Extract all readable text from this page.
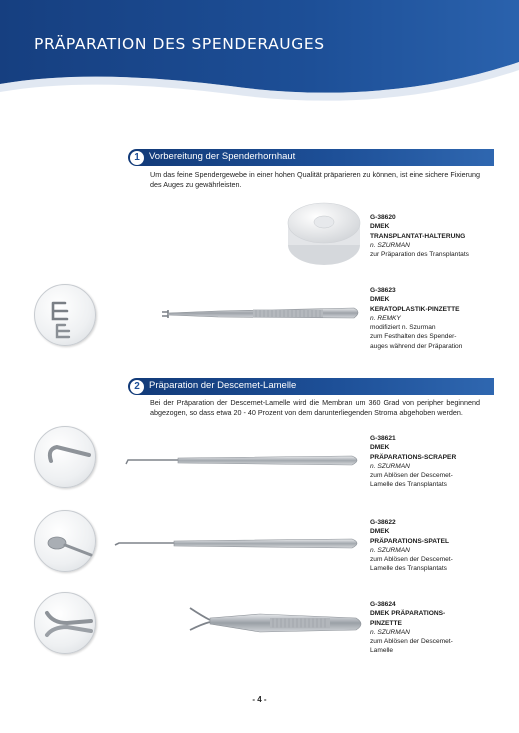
PRÄPARATION DES SPENDERAUGES
1 Vorbereitung der Spenderhornhaut
Um das feine Spendergewebe in einer hohen Qualität präparieren zu können, ist eine sichere Fixierung des Auges zu gewährleisten.
G-38620
DMEK
TRANSPLANTAT-HALTERUNG
n. SZURMAN
zur Präparation des Transplantats
G-38623
DMEK
KERATOPLASTIK-PINZETTE
n. REMKY
modifiziert n. Szurman
zum Festhalten des Spender-
auges während der Präparation
2 Präparation der Descemet-Lamelle
Bei der Präparation der Descemet-Lamelle wird die Membran um 360 Grad von peripher beginnend abgezogen, so dass etwa 20 - 40 Prozent von dem darunterliegenden Stroma abgehoben werden.
G-38621
DMEK
PRÄPARATIONS-SCRAPER
n. SZURMAN
zum Ablösen der Descemet-
Lamelle des Transplantats
G-38622
DMEK
PRÄPARATIONS-SPATEL
n. SZURMAN
zum Ablösen der Descemet-
Lamelle des Transplantats
G-38624
DMEK PRÄPARATIONS-
PINZETTE
n. SZURMAN
zum Ablösen der Descemet-
Lamelle
- 4 -
